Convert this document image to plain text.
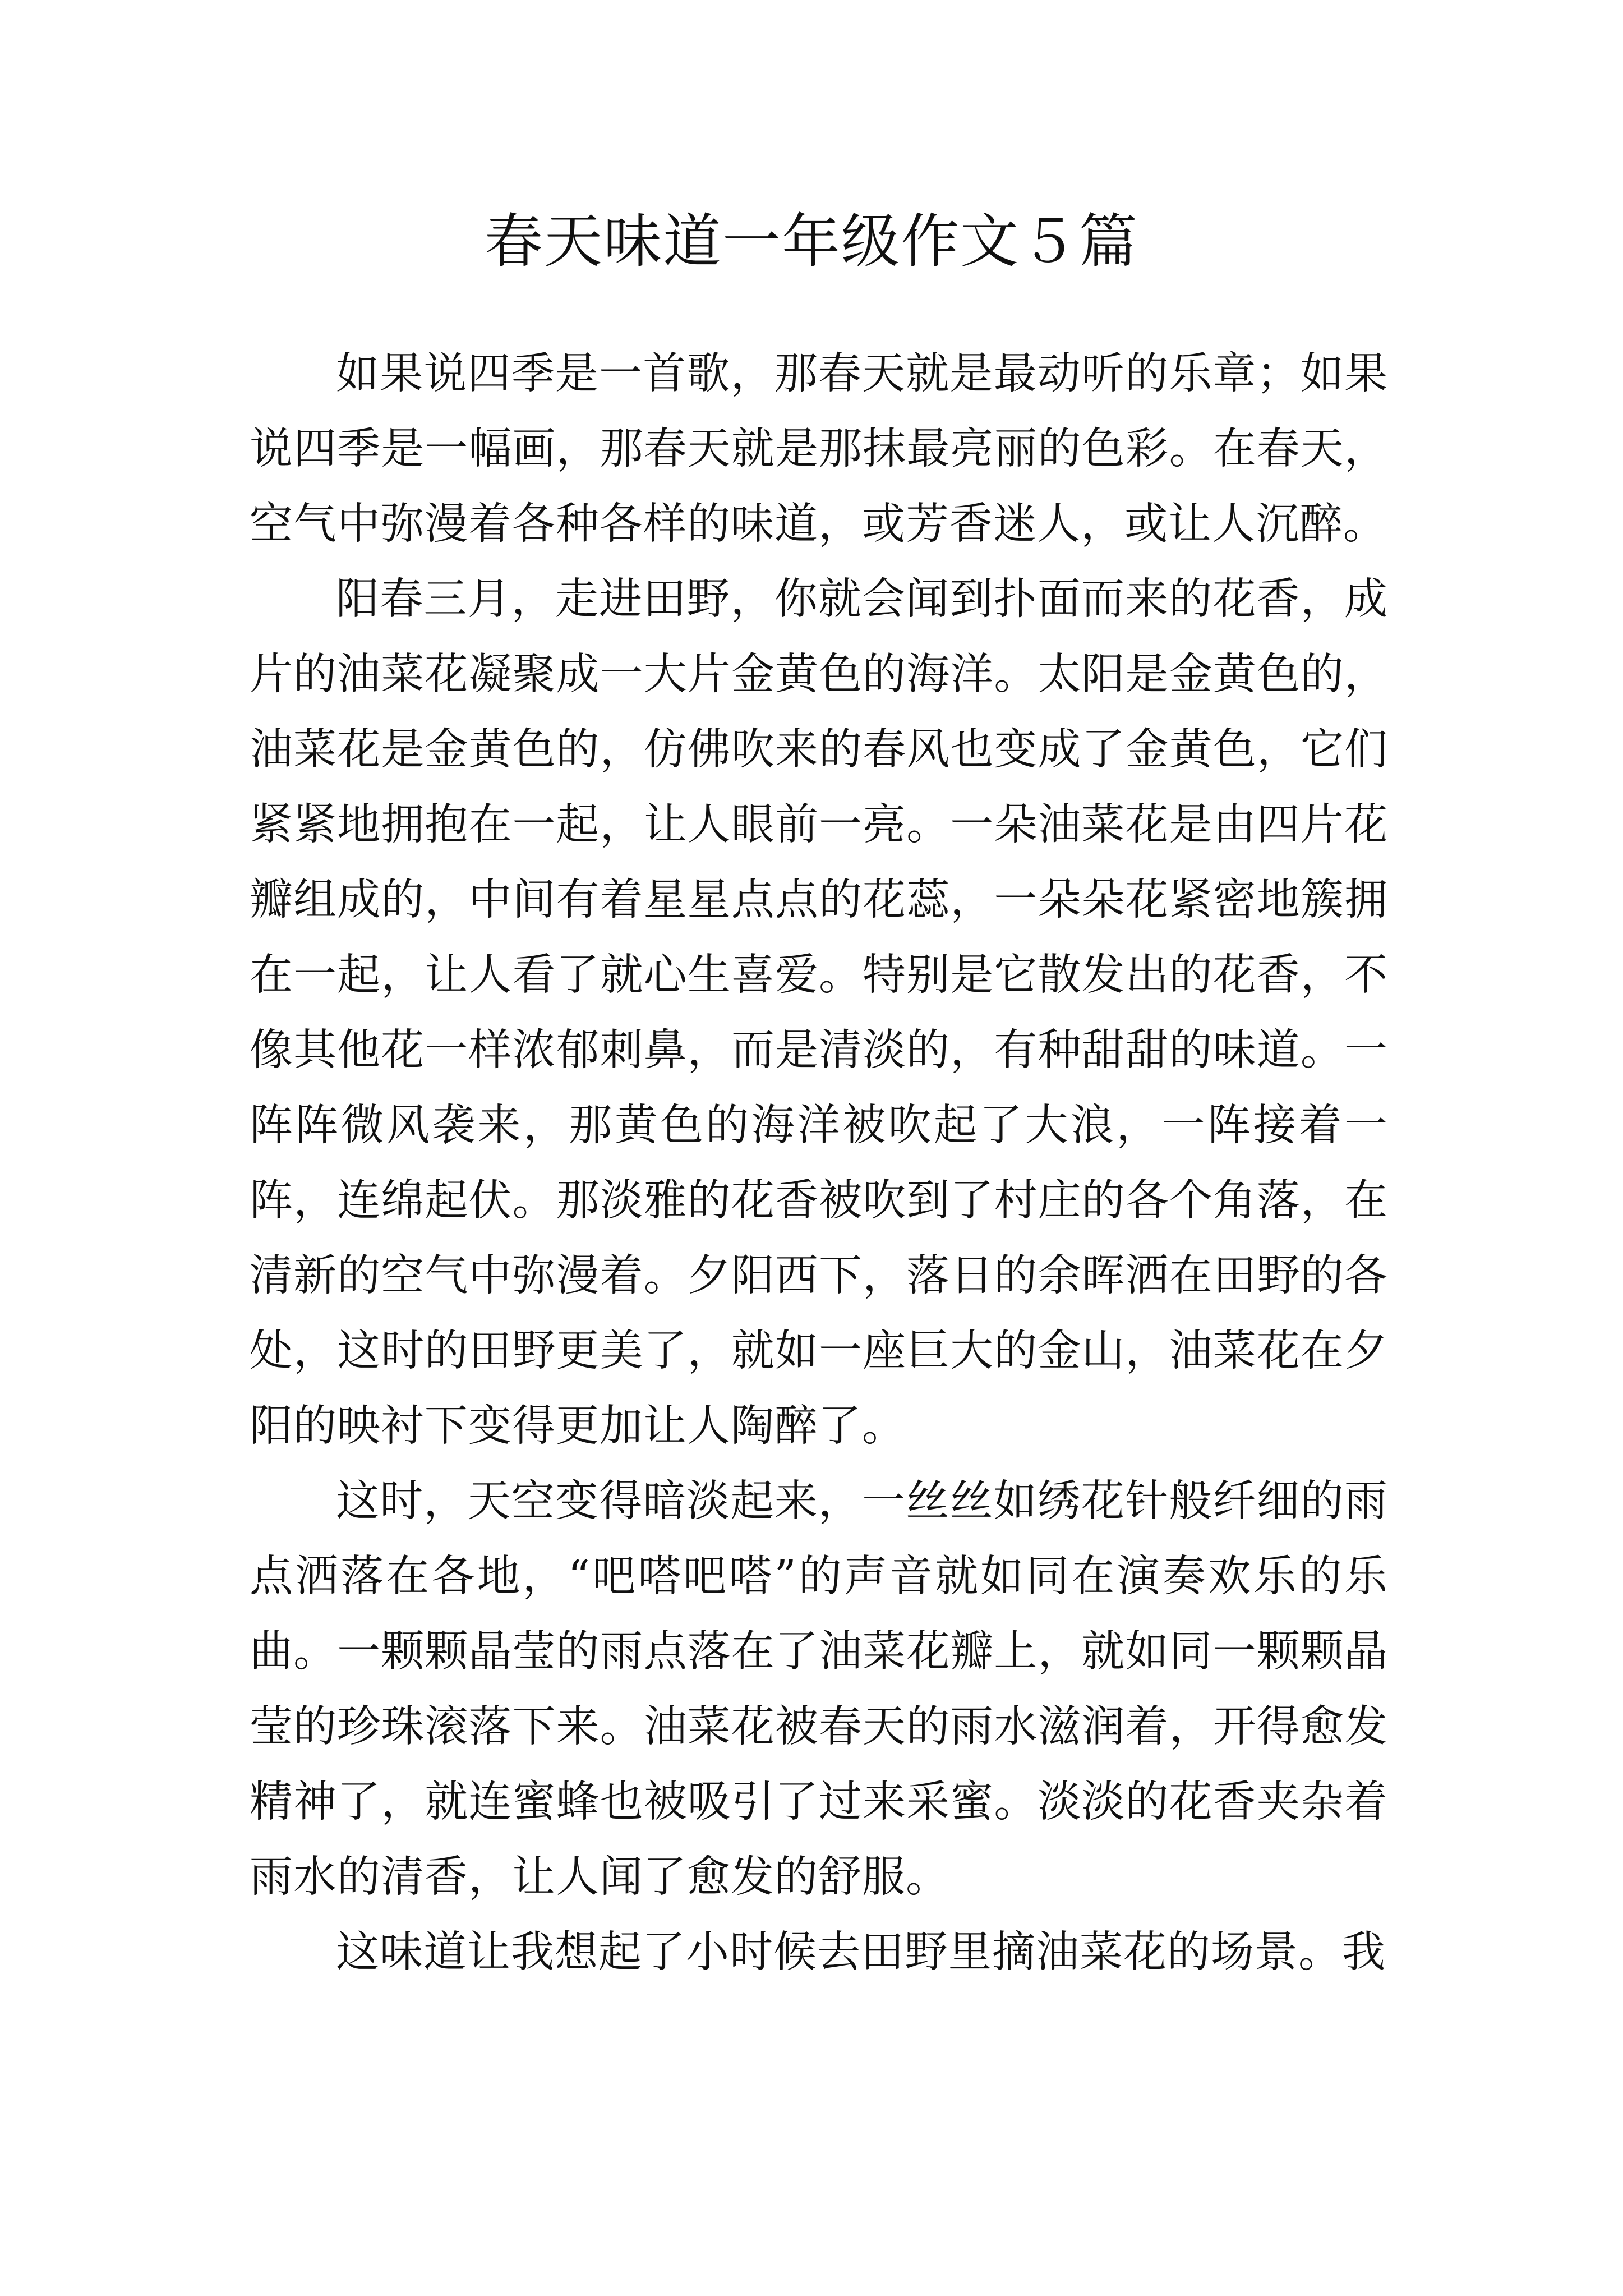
春天味道一年级作文５篇

如果说四季是一首歌，那春天就是最动听的乐章；如果说四季是一幅画，那春天就是那抹最亮丽的色彩。在春天，空气中弥漫着各种各样的味道，或芳香迷人，或让人沉醉。

阳春三月，走进田野，你就会闻到扑面而来的花香，成片的油菜花凝聚成一大片金黄色的海洋。太阳是金黄色的，油菜花是金黄色的，仿佛吹来的春风也变成了金黄色，它们紧紧地拥抱在一起，让人眼前一亮。一朵油菜花是由四片花瓣组成的，中间有着星星点点的花蕊，一朵朵花紧密地簇拥在一起，让人看了就心生喜爱。特别是它散发出的花香，不像其他花一样浓郁刺鼻，而是清淡的，有种甜甜的味道。一阵阵微风袭来，那黄色的海洋被吹起了大浪，一阵接着一阵，连绵起伏。那淡雅的花香被吹到了村庄的各个角落，在清新的空气中弥漫着。夕阳西下，落日的余晖洒在田野的各处，这时的田野更美了，就如一座巨大的金山，油菜花在夕阳的映衬下变得更加让人陶醉了。

这时，天空变得暗淡起来，一丝丝如绣花针般纤细的雨点洒落在各地，“吧嗒吧嗒”的声音就如同在演奏欢乐的乐曲。一颗颗晶莹的雨点落在了油菜花瓣上，就如同一颗颗晶莹的珍珠滚落下来。油菜花被春天的雨水滋润着，开得愈发精神了，就连蜜蜂也被吸引了过来采蜜。淡淡的花香夹杂着雨水的清香，让人闻了愈发的舒服。

这味道让我想起了小时候去田野里摘油菜花的场景。我
